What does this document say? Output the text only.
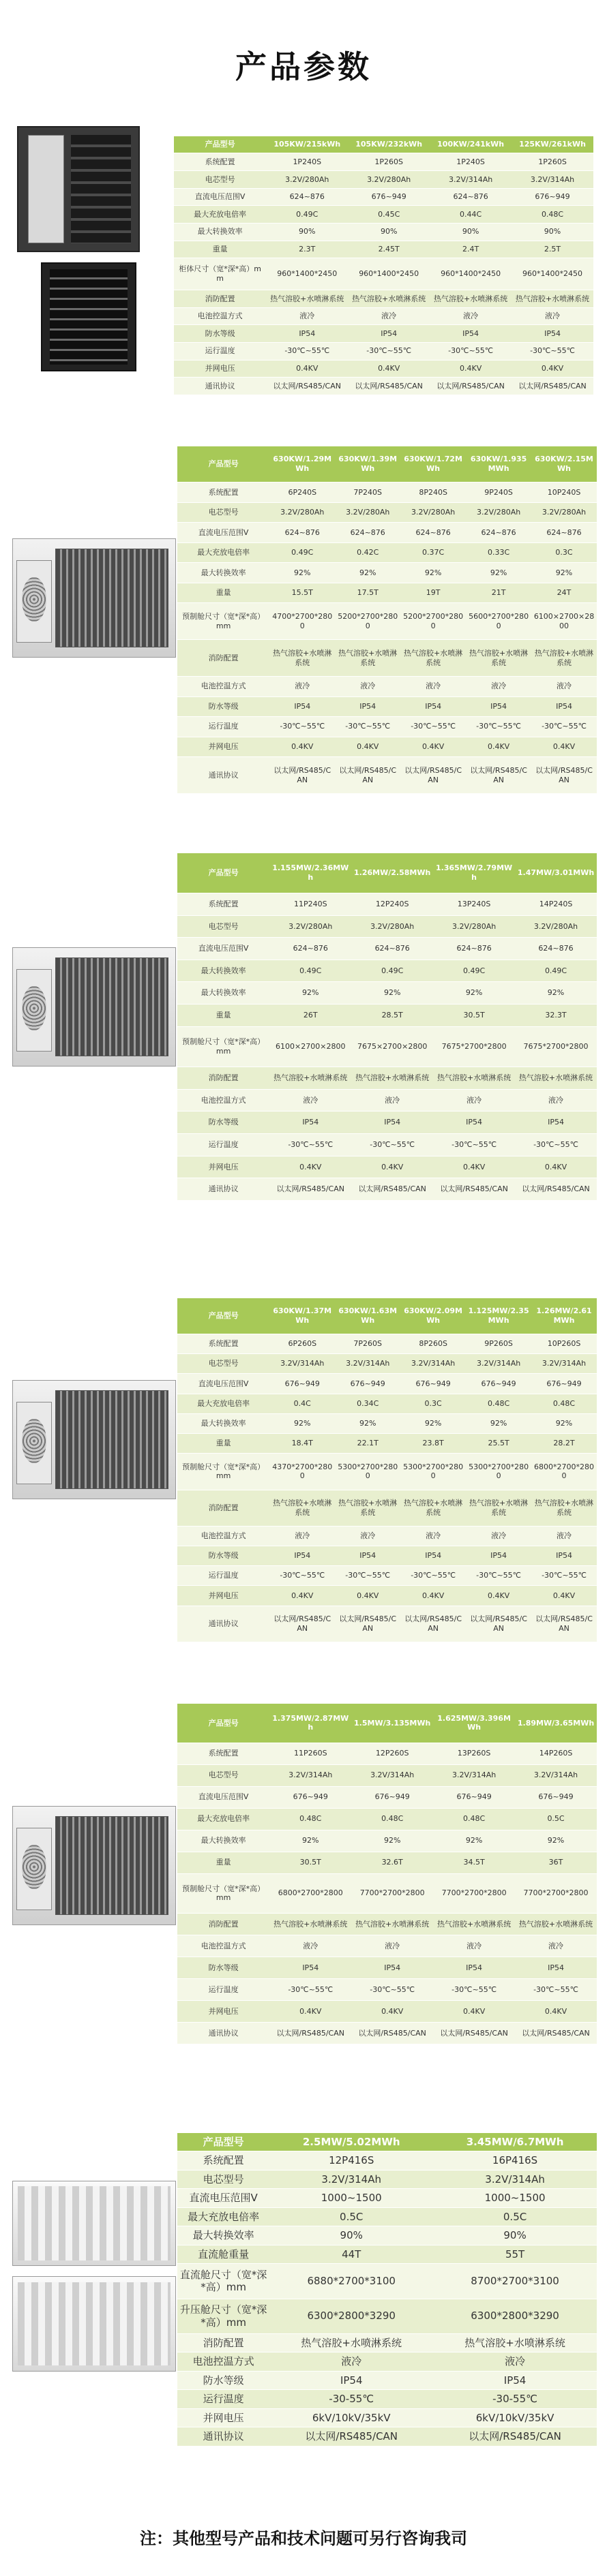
产品参数
产品型号	105KW/215kWh	105KW/232kWh	100KW/241kWh	125KW/261kWh
系统配置	1P240S	1P260S	1P240S	1P260S
电芯型号	3.2V/280Ah	3.2V/280Ah	3.2V/314Ah	3.2V/314Ah
直流电压范围V	624~876	676~949	624~876	676~949
最大充放电倍率	0.49C	0.45C	0.44C	0.48C
最大转换效率	90%	90%	90%	90%
重量	2.3T	2.45T	2.4T	2.5T
柜体尺寸（宽*深*高）mm	960*1400*2450	960*1400*2450	960*1400*2450	960*1400*2450
消防配置	热气溶胶+水喷淋系统	热气溶胶+水喷淋系统	热气溶胶+水喷淋系统	热气溶胶+水喷淋系统
电池控温方式	液冷	液冷	液冷	液冷
防水等级	IP54	IP54	IP54	IP54
运行温度	-30℃~55℃	-30℃~55℃	-30℃~55℃	-30℃~55℃
并网电压	0.4KV	0.4KV	0.4KV	0.4KV
通讯协议	以太网/RS485/CAN	以太网/RS485/CAN	以太网/RS485/CAN	以太网/RS485/CAN
产品型号	630KW/1.29MWh	630KW/1.39MWh	630KW/1.72MWh	630KW/1.935MWh	630KW/2.15MWh
系统配置	6P240S	7P240S	8P240S	9P240S	10P240S
电芯型号	3.2V/280Ah	3.2V/280Ah	3.2V/280Ah	3.2V/280Ah	3.2V/280Ah
直流电压范围V	624~876	624~876	624~876	624~876	624~876
最大充放电倍率	0.49C	0.42C	0.37C	0.33C	0.3C
最大转换效率	92%	92%	92%	92%	92%
重量	15.5T	17.5T	19T	21T	24T
预制舱尺寸（宽*深*高）mm	4700*2700*2800	5200*2700*2800	5200*2700*2800	5600*2700*2800	6100×2700×2800
消防配置	热气溶胶+水喷淋系统	热气溶胶+水喷淋系统	热气溶胶+水喷淋系统	热气溶胶+水喷淋系统	热气溶胶+水喷淋系统
电池控温方式	液冷	液冷	液冷	液冷	液冷
防水等级	IP54	IP54	IP54	IP54	IP54
运行温度	-30℃~55℃	-30℃~55℃	-30℃~55℃	-30℃~55℃	-30℃~55℃
并网电压	0.4KV	0.4KV	0.4KV	0.4KV	0.4KV
通讯协议	以太网/RS485/CAN	以太网/RS485/CAN	以太网/RS485/CAN	以太网/RS485/CAN	以太网/RS485/CAN
产品型号	1.155MW/2.36MWh	1.26MW/2.58MWh	1.365MW/2.79MWh	1.47MW/3.01MWh
系统配置	11P240S	12P240S	13P240S	14P240S
电芯型号	3.2V/280Ah	3.2V/280Ah	3.2V/280Ah	3.2V/280Ah
直流电压范围V	624~876	624~876	624~876	624~876
最大转换效率	0.49C	0.49C	0.49C	0.49C
最大转换效率	92%	92%	92%	92%
重量	26T	28.5T	30.5T	32.3T
预制舱尺寸（宽*深*高）mm	6100×2700×2800	7675×2700×2800	7675*2700*2800	7675*2700*2800
消防配置	热气溶胶+水喷淋系统	热气溶胶+水喷淋系统	热气溶胶+水喷淋系统	热气溶胶+水喷淋系统
电池控温方式	液冷	液冷	液冷	液冷
防水等级	IP54	IP54	IP54	IP54
运行温度	-30℃~55℃	-30℃~55℃	-30℃~55℃	-30℃~55℃
并网电压	0.4KV	0.4KV	0.4KV	0.4KV
通讯协议	以太网/RS485/CAN	以太网/RS485/CAN	以太网/RS485/CAN	以太网/RS485/CAN
产品型号	630KW/1.37MWh	630KW/1.63MWh	630KW/2.09MWh	1.125MW/2.35MWh	1.26MW/2.61MWh
系统配置	6P260S	7P260S	8P260S	9P260S	10P260S
电芯型号	3.2V/314Ah	3.2V/314Ah	3.2V/314Ah	3.2V/314Ah	3.2V/314Ah
直流电压范围V	676~949	676~949	676~949	676~949	676~949
最大充放电倍率	0.4C	0.34C	0.3C	0.48C	0.48C
最大转换效率	92%	92%	92%	92%	92%
重量	18.4T	22.1T	23.8T	25.5T	28.2T
预制舱尺寸（宽*深*高）mm	4370*2700*2800	5300*2700*2800	5300*2700*2800	5300*2700*2800	6800*2700*2800
消防配置	热气溶胶+水喷淋系统	热气溶胶+水喷淋系统	热气溶胶+水喷淋系统	热气溶胶+水喷淋系统	热气溶胶+水喷淋系统
电池控温方式	液冷	液冷	液冷	液冷	液冷
防水等级	IP54	IP54	IP54	IP54	IP54
运行温度	-30℃~55℃	-30℃~55℃	-30℃~55℃	-30℃~55℃	-30℃~55℃
并网电压	0.4KV	0.4KV	0.4KV	0.4KV	0.4KV
通讯协议	以太网/RS485/CAN	以太网/RS485/CAN	以太网/RS485/CAN	以太网/RS485/CAN	以太网/RS485/CAN
产品型号	1.375MW/2.87MWh	1.5MW/3.135MWh	1.625MW/3.396MWh	1.89MW/3.65MWh
系统配置	11P260S	12P260S	13P260S	14P260S
电芯型号	3.2V/314Ah	3.2V/314Ah	3.2V/314Ah	3.2V/314Ah
直流电压范围V	676~949	676~949	676~949	676~949
最大充放电倍率	0.48C	0.48C	0.48C	0.5C
最大转换效率	92%	92%	92%	92%
重量	30.5T	32.6T	34.5T	36T
预制舱尺寸（宽*深*高）mm	6800*2700*2800	7700*2700*2800	7700*2700*2800	7700*2700*2800
消防配置	热气溶胶+水喷淋系统	热气溶胶+水喷淋系统	热气溶胶+水喷淋系统	热气溶胶+水喷淋系统
电池控温方式	液冷	液冷	液冷	液冷
防水等级	IP54	IP54	IP54	IP54
运行温度	-30℃~55℃	-30℃~55℃	-30℃~55℃	-30℃~55℃
并网电压	0.4KV	0.4KV	0.4KV	0.4KV
通讯协议	以太网/RS485/CAN	以太网/RS485/CAN	以太网/RS485/CAN	以太网/RS485/CAN
产品型号	2.5MW/5.02MWh	3.45MW/6.7MWh
系统配置	12P416S	16P416S
电芯型号	3.2V/314Ah	3.2V/314Ah
直流电压范围V	1000~1500	1000~1500
最大充放电倍率	0.5C	0.5C
最大转换效率	90%	90%
直流舱重量	44T	55T
直流舱尺寸（宽*深*高）mm	6880*2700*3100	8700*2700*3100
升压舱尺寸（宽*深*高）mm	6300*2800*3290	6300*2800*3290
消防配置	热气溶胶+水喷淋系统	热气溶胶+水喷淋系统
电池控温方式	液冷	液冷
防水等级	IP54	IP54
运行温度	-30-55℃	-30-55℃
并网电压	6kV/10kV/35kV	6kV/10kV/35kV
通讯协议	以太网/RS485/CAN	以太网/RS485/CAN
注：其他型号产品和技术问题可另行咨询我司
